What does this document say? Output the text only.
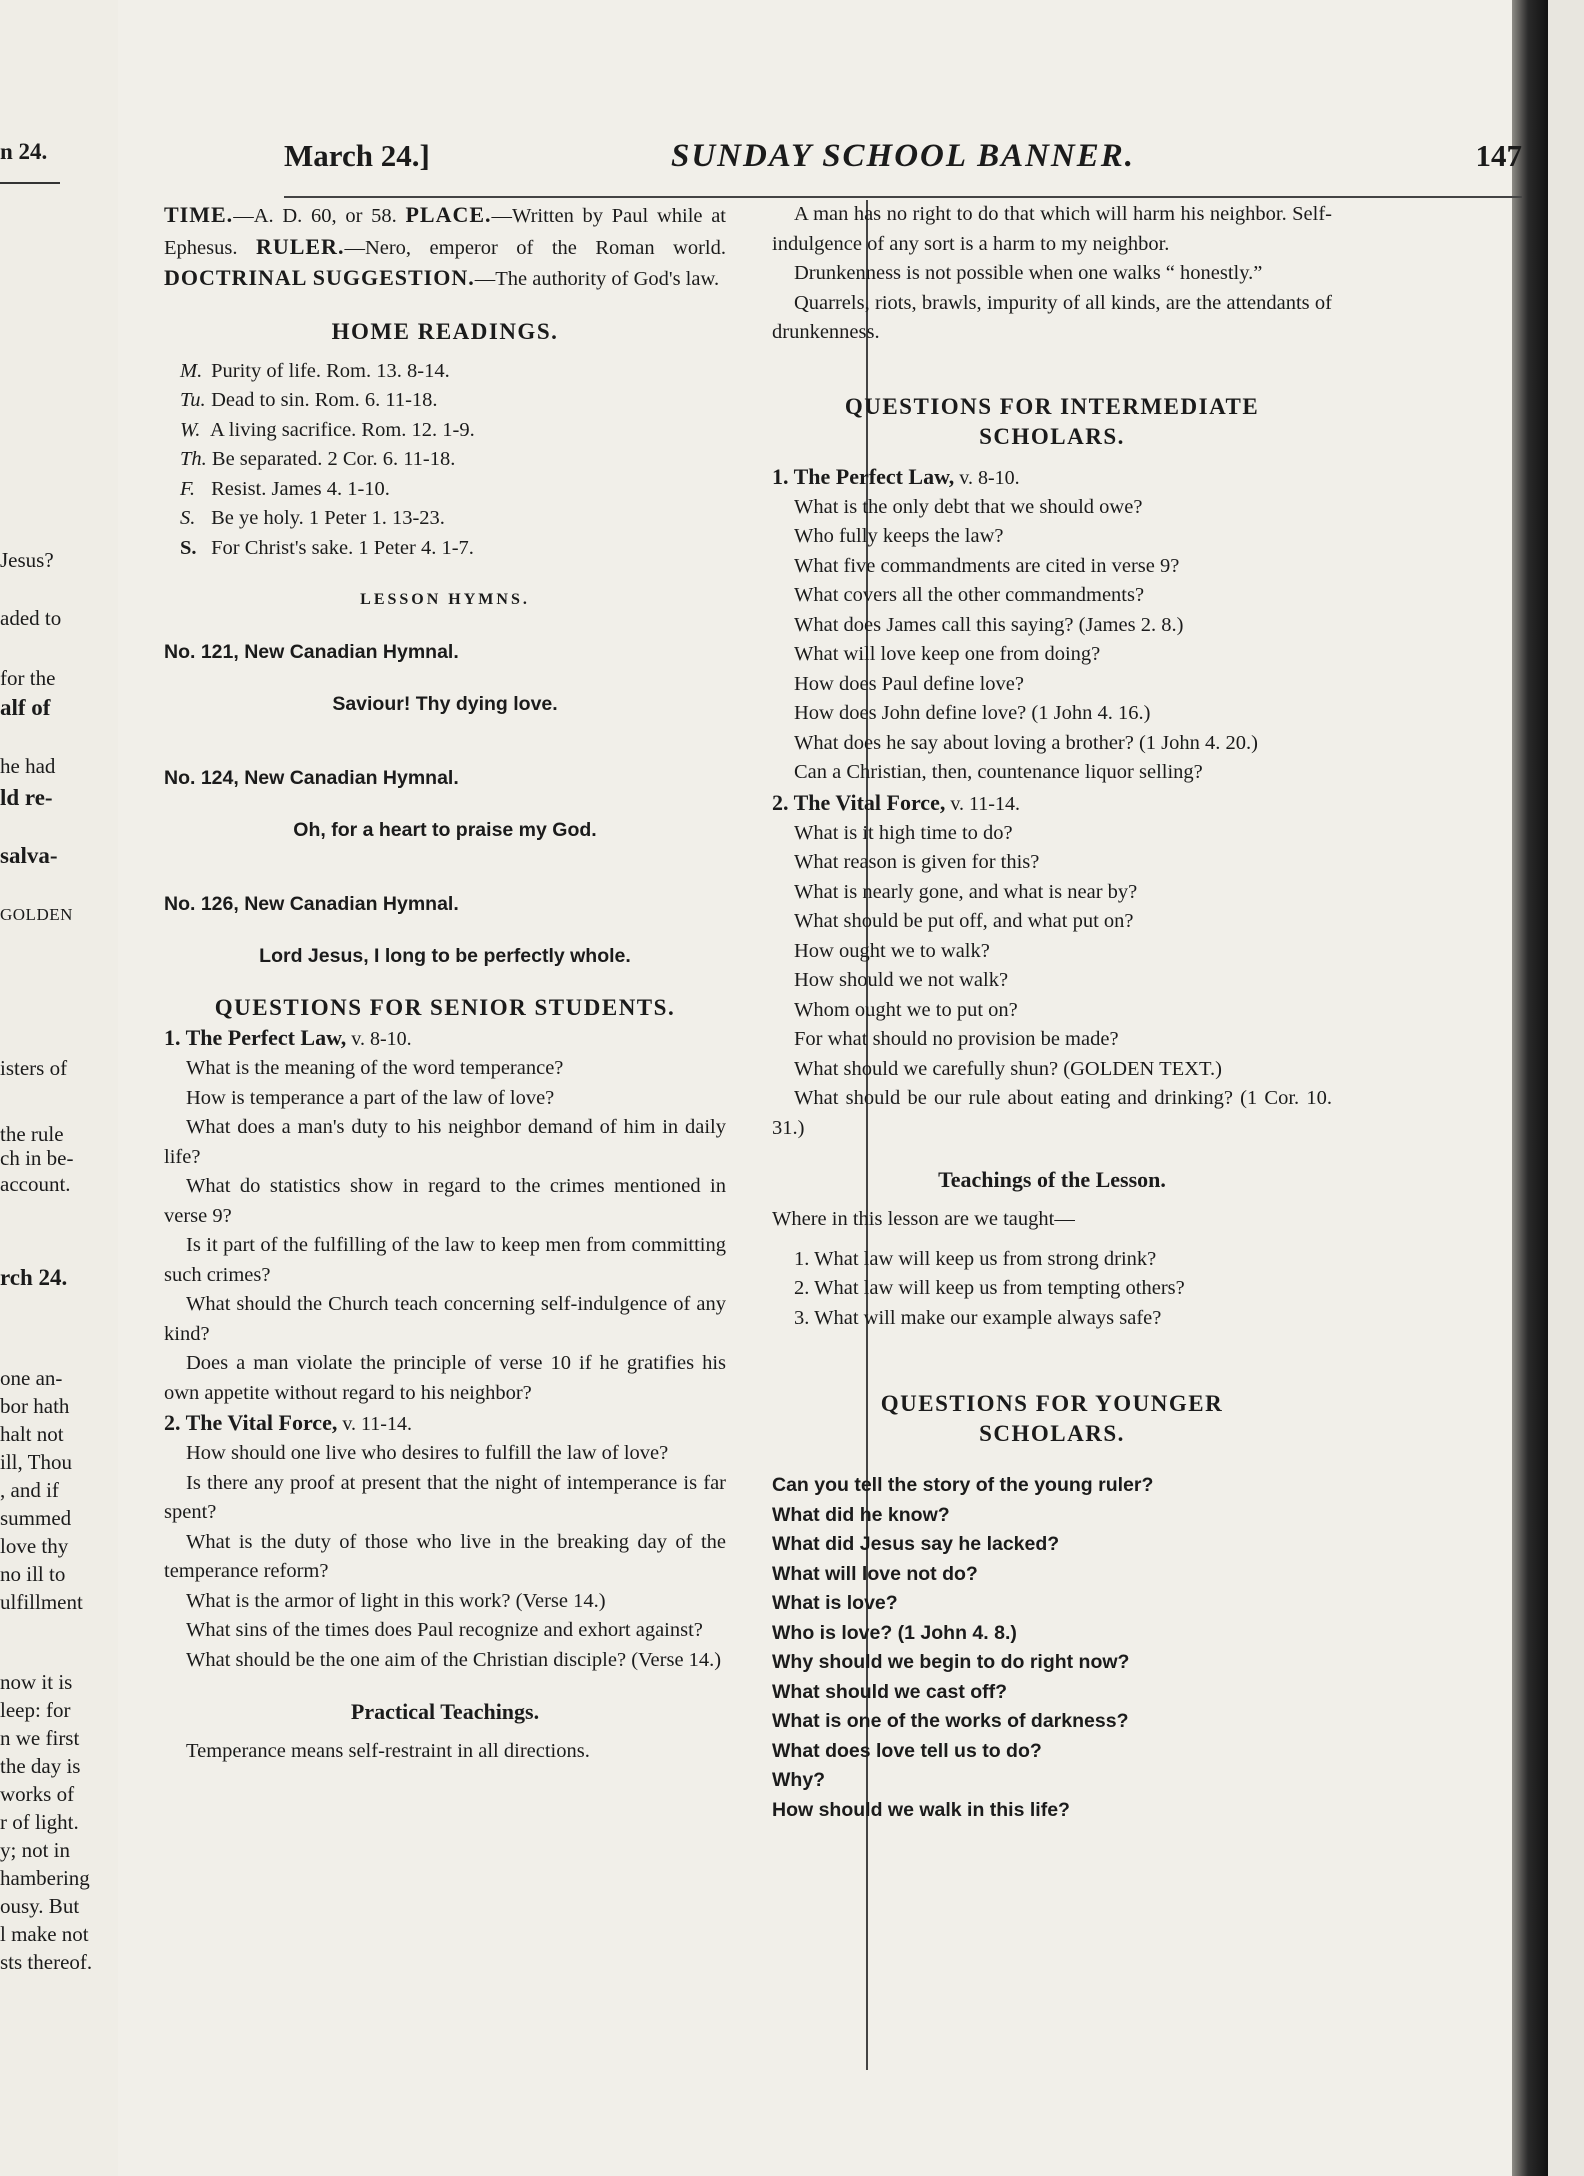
n 24.
Jesus?
aded to
for the
alf of
he had
ld re-
salva-
GOLDEN
isters of
the rule
ch in be-
account.
rch 24.
one an-
bor hath
halt not
ill, Thou
, and if
summed
love thy
no ill to
ulfillment
now it is
leep: for
n we first
the day is
works of
r of light.
y; not in
hambering
ousy. But
l make not
sts thereof.
SUNDAY SCHOOL BANNER.
March 24.]	147

TIME.—A. D. 60, or 58. PLACE.—Written by Paul while at Ephesus. RULER.—Nero, emperor of the Roman world. DOCTRINAL SUGGESTION.—The authority of God's law.

HOME READINGS.
M. Purity of life. Rom. 13. 8-14.
Tu. Dead to sin. Rom. 6. 11-18.
W. A living sacrifice. Rom. 12. 1-9.
Th. Be separated. 2 Cor. 6. 11-18.
F. Resist. James 4. 1-10.
S. Be ye holy. 1 Peter 1. 13-23.
S. For Christ's sake. 1 Peter 4. 1-7.
LESSON HYMNS.
No. 121, New Canadian Hymnal.
Saviour! Thy dying love.
No. 124, New Canadian Hymnal.
Oh, for a heart to praise my God.
No. 126, New Canadian Hymnal.
Lord Jesus, I long to be perfectly whole.
QUESTIONS FOR SENIOR STUDENTS.
1. The Perfect Law, v. 8-10.

What is the meaning of the word temperance?

How is temperance a part of the law of love?

What does a man's duty to his neighbor demand of him in daily life?

What do statistics show in regard to the crimes mentioned in verse 9?

Is it part of the fulfilling of the law to keep men from committing such crimes?

What should the Church teach concerning self-indulgence of any kind?

Does a man violate the principle of verse 10 if he gratifies his own appetite without regard to his neighbor?

2. The Vital Force, v. 11-14.

How should one live who desires to fulfill the law of love?

Is there any proof at present that the night of intemperance is far spent?

What is the duty of those who live in the breaking day of the temperance reform?

What is the armor of light in this work? (Verse 14.)

What sins of the times does Paul recognize and exhort against?

What should be the one aim of the Christian disciple? (Verse 14.)

Practical Teachings.

Temperance means self-restraint in all directions.

A man has no right to do that which will harm his neighbor. Self-indulgence of any sort is a harm to my neighbor.

Drunkenness is not possible when one walks “ honestly.”

Quarrels, riots, brawls, impurity of all kinds, are the attendants of drunkenness.

QUESTIONS FOR INTERMEDIATE
SCHOLARS.
1. The Perfect Law, v. 8-10.

What is the only debt that we should owe?

Who fully keeps the law?

What five commandments are cited in verse 9?

What covers all the other commandments?

What does James call this saying? (James 2. 8.)

What will love keep one from doing?

How does Paul define love?

How does John define love? (1 John 4. 16.)

What does he say about loving a brother? (1 John 4. 20.)

Can a Christian, then, countenance liquor selling?

2. The Vital Force, v. 11-14.

What is it high time to do?

What reason is given for this?

What is nearly gone, and what is near by?

What should be put off, and what put on?

How ought we to walk?

How should we not walk?

Whom ought we to put on?

For what should no provision be made?

What should we carefully shun? (GOLDEN TEXT.)

What should be our rule about eating and drinking? (1 Cor. 10. 31.)

Teachings of the Lesson.

Where in this lesson are we taught—

1. What law will keep us from strong drink?

2. What law will keep us from tempting others?

3. What will make our example always safe?

QUESTIONS FOR YOUNGER
SCHOLARS.

Can you tell the story of the young ruler?

What did he know?

What did Jesus say he lacked?

What will love not do?

What is love?

Who is love? (1 John 4. 8.)

Why should we begin to do right now?

What should we cast off?

What is one of the works of darkness?

What does love tell us to do?

Why?

How should we walk in this life?
